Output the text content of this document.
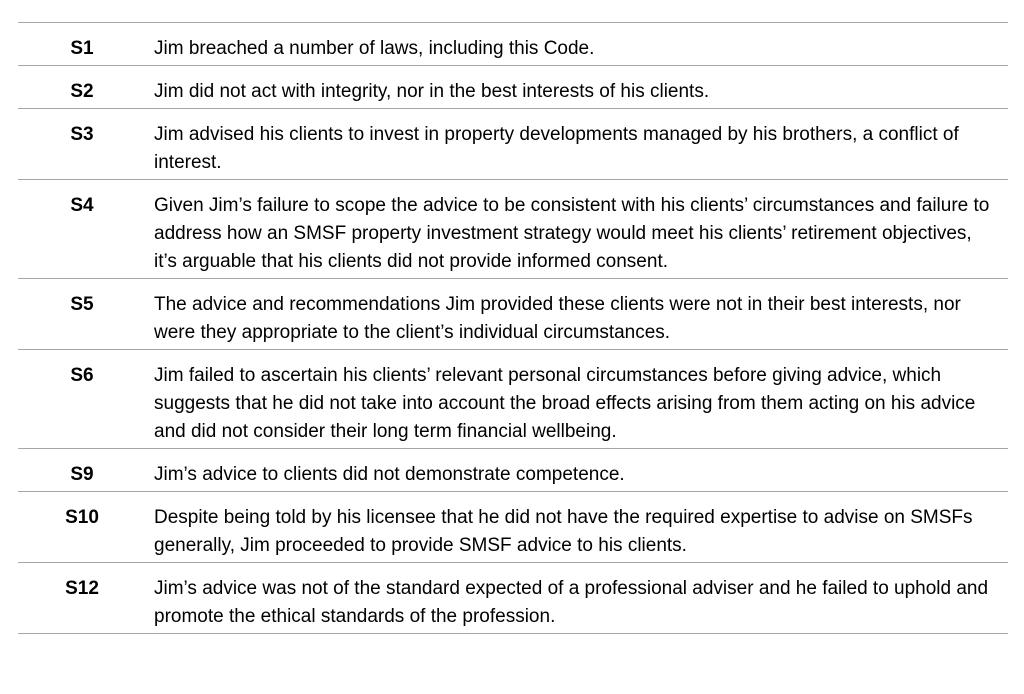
S1	Jim breached a number of laws, including this Code.
S2	Jim did not act with integrity, nor in the best interests of his clients.
S3	Jim advised his clients to invest in property developments managed by his brothers, a conflict of interest.
S4	Given Jim’s failure to scope the advice to be consistent with his clients’ circumstances and failure to address how an SMSF property investment strategy would meet his clients’ retirement objectives, it’s arguable that his clients did not provide informed consent.
S5	The advice and recommendations Jim provided these clients were not in their best interests, nor were they appropriate to the client’s individual circumstances.
S6	Jim failed to ascertain his clients’ relevant personal circumstances before giving advice, which suggests that he did not take into account the broad effects arising from them acting on his advice and did not consider their long term financial wellbeing.
S9	Jim’s advice to clients did not demonstrate competence.
S10	Despite being told by his licensee that he did not have the required expertise to advise on SMSFs generally, Jim proceeded to provide SMSF advice to his clients.
S12	Jim’s advice was not of the standard expected of a professional adviser and he failed to uphold and promote the ethical standards of the profession.
